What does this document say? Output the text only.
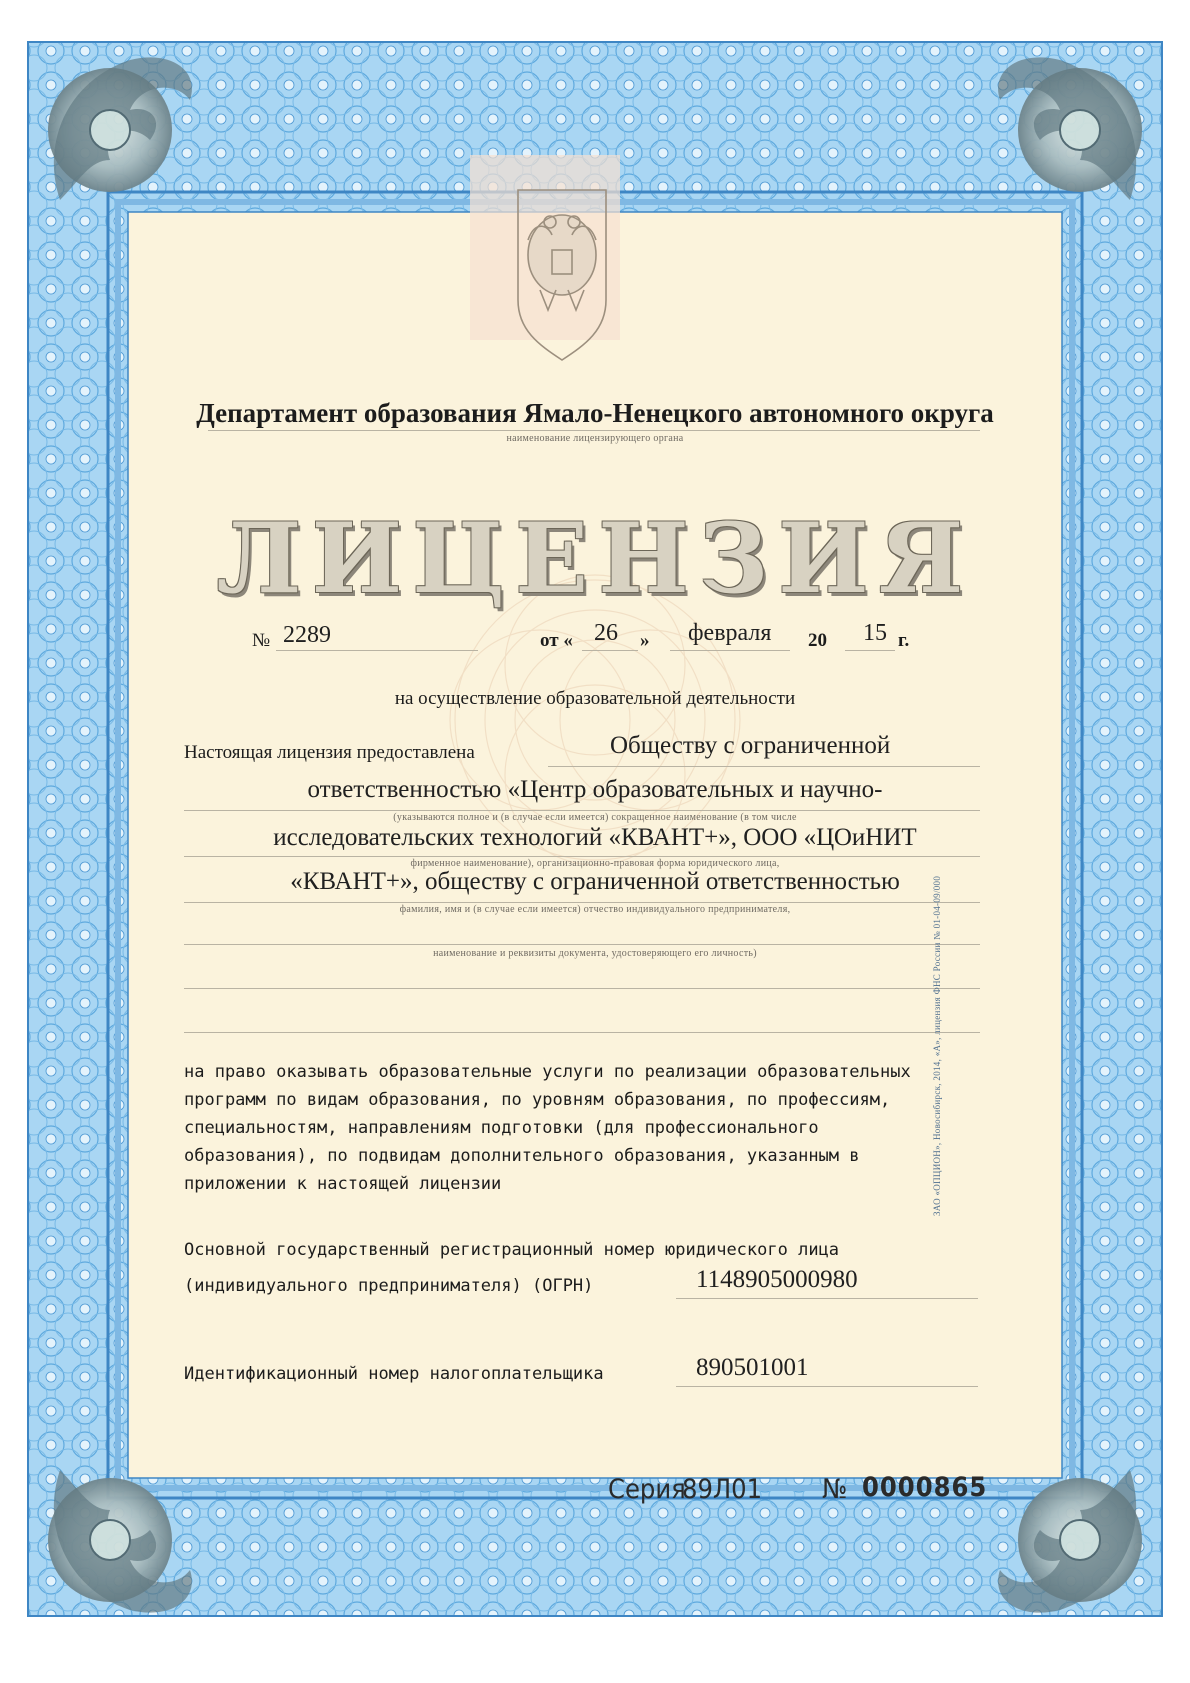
Департамент образования Ямало-Ненецкого автономного округа
наименование лицензирующего органа
ЛИЦЕНЗИЯ
№ 2289	от « 26 » февраля 20 15 г.
на осуществление образовательной деятельности
Настоящая лицензия предоставлена	Обществу с ограниченной
ответственностью «Центр образовательных и научно-
(указываются полное и (в случае если имеется) сокращенное наименование (в том числе
исследовательских технологий «КВАНТ+», ООО «ЦОиНИТ
фирменное наименование), организационно-правовая форма юридического лица,
«КВАНТ+», обществу с ограниченной ответственностью
фамилия, имя и (в случае если имеется) отчество индивидуального предпринимателя,
наименование и реквизиты документа, удостоверяющего его личность)
на право оказывать образовательные услуги по реализации образовательных
программ по видам образования, по уровням образования, по профессиям,
специальностям, направлениям подготовки (для профессионального
образования), по подвидам дополнительного образования, указанным в
приложении к настоящей лицензии
Основной государственный регистрационный номер юридического лица
(индивидуального предпринимателя) (ОГРН)	1148905000980
Идентификационный номер налогоплательщика	890501001
Серия
89Л01 № 0000865
ЗАО «ОПЦИОН», Новосибирск, 2014, «А», лицензия ФНС России № 01-04-09/000
